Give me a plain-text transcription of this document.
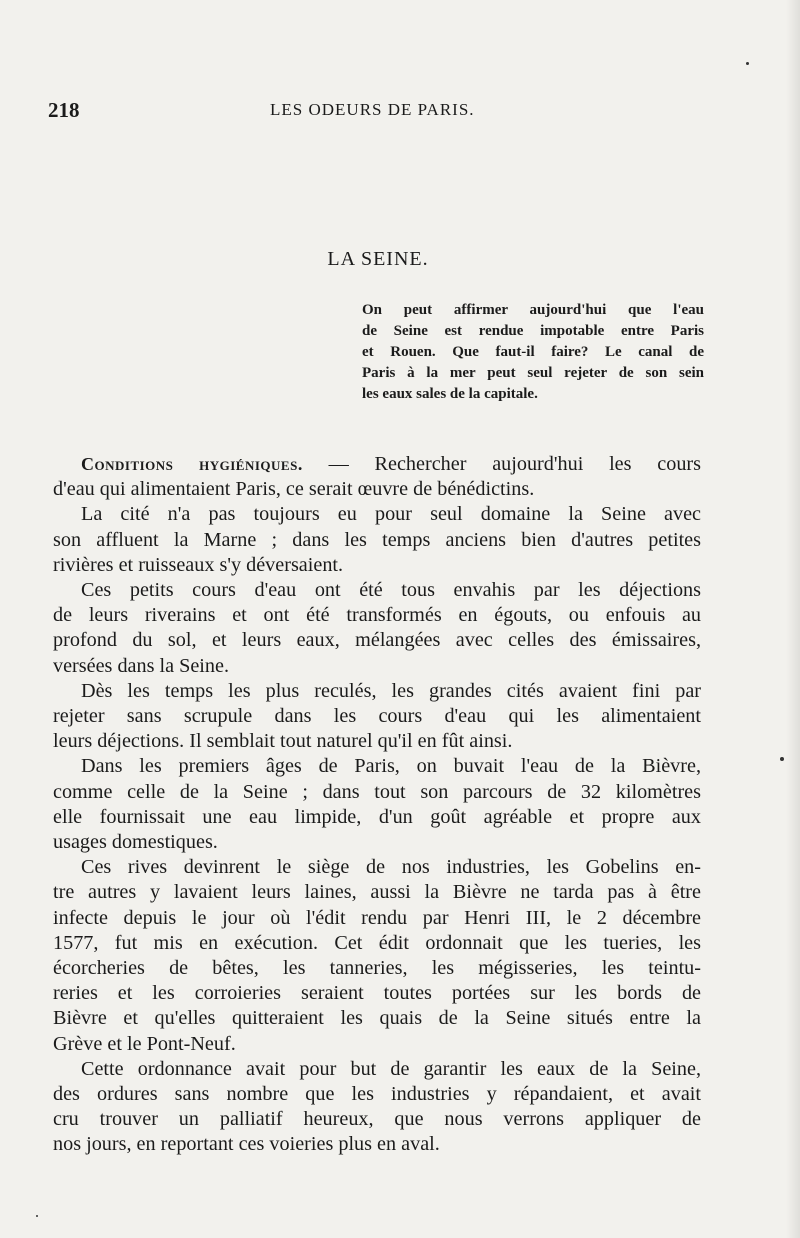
218	LES ODEURS DE PARIS.
LA SEINE.
On peut affirmer aujourd'hui que l'eau
de Seine est rendue impotable entre Paris
et Rouen. Que faut-il faire? Le canal de
Paris à la mer peut seul rejeter de son sein
les eaux sales de la capitale.
Conditions hygiéniques. — Rechercher aujourd'hui les cours
d'eau qui alimentaient Paris, ce serait œuvre de bénédictins.
La cité n'a pas toujours eu pour seul domaine la Seine avec
son affluent la Marne ; dans les temps anciens bien d'autres petites
rivières et ruisseaux s'y déversaient.
Ces petits cours d'eau ont été tous envahis par les déjections
de leurs riverains et ont été transformés en égouts, ou enfouis au
profond du sol, et leurs eaux, mélangées avec celles des émissaires,
versées dans la Seine.
Dès les temps les plus reculés, les grandes cités avaient fini par
rejeter sans scrupule dans les cours d'eau qui les alimentaient
leurs déjections. Il semblait tout naturel qu'il en fût ainsi.
Dans les premiers âges de Paris, on buvait l'eau de la Bièvre,
comme celle de la Seine ; dans tout son parcours de 32 kilomètres
elle fournissait une eau limpide, d'un goût agréable et propre aux
usages domestiques.
Ces rives devinrent le siège de nos industries, les Gobelins en-
tre autres y lavaient leurs laines, aussi la Bièvre ne tarda pas à être
infecte depuis le jour où l'édit rendu par Henri III, le 2 décembre
1577, fut mis en exécution. Cet édit ordonnait que les tueries, les
écorcheries de bêtes, les tanneries, les mégisseries, les teintu-
reries et les corroieries seraient toutes portées sur les bords de
Bièvre et qu'elles quitteraient les quais de la Seine situés entre la
Grève et le Pont-Neuf.
Cette ordonnance avait pour but de garantir les eaux de la Seine,
des ordures sans nombre que les industries y répandaient, et avait
cru trouver un palliatif heureux, que nous verrons appliquer de
nos jours, en reportant ces voieries plus en aval.
